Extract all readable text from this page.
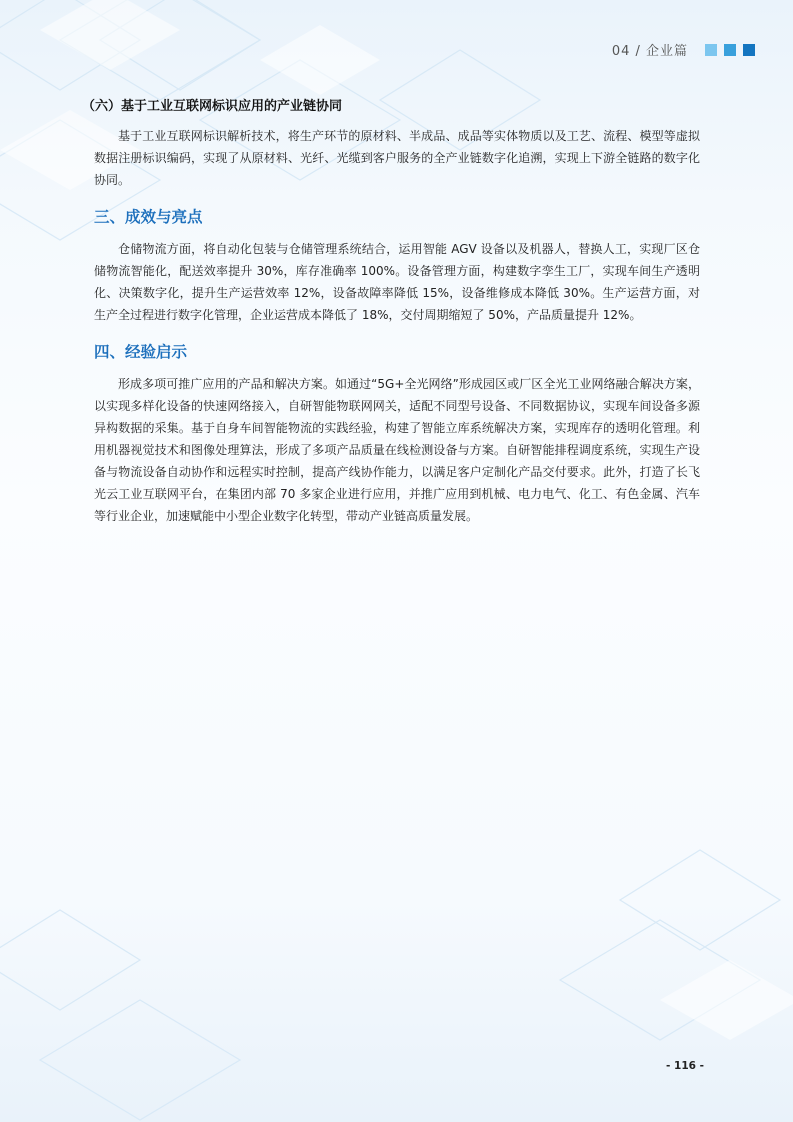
04 / 企业篇
（六）基于工业互联网标识应用的产业链协同

基于工业互联网标识解析技术，将生产环节的原材料、半成品、成品等实体物质以及工艺、流程、模型等虚拟数据注册标识编码，实现了从原材料、光纤、光缆到客户服务的全产业链数字化追溯，实现上下游全链路的数字化协同。

三、成效与亮点

仓储物流方面，将自动化包装与仓储管理系统结合，运用智能 AGV 设备以及机器人，替换人工，实现厂区仓储物流智能化，配送效率提升 30%，库存准确率 100%。设备管理方面，构建数字孪生工厂，实现车间生产透明化、决策数字化，提升生产运营效率 12%，设备故障率降低 15%，设备维修成本降低 30%。生产运营方面，对生产全过程进行数字化管理，企业运营成本降低了 18%，交付周期缩短了 50%，产品质量提升 12%。

四、经验启示

形成多项可推广应用的产品和解决方案。如通过“5G+全光网络”形成园区或厂区全光工业网络融合解决方案，以实现多样化设备的快速网络接入，自研智能物联网网关，适配不同型号设备、不同数据协议，实现车间设备多源异构数据的采集。基于自身车间智能物流的实践经验，构建了智能立库系统解决方案，实现库存的透明化管理。利用机器视觉技术和图像处理算法，形成了多项产品质量在线检测设备与方案。自研智能排程调度系统，实现生产设备与物流设备自动协作和远程实时控制，提高产线协作能力，以满足客户定制化产品交付要求。此外，打造了长飞光云工业互联网平台，在集团内部 70 多家企业进行应用，并推广应用到机械、电力电气、化工、有色金属、汽车等行业企业，加速赋能中小型企业数字化转型，带动产业链高质量发展。

- 116 -
